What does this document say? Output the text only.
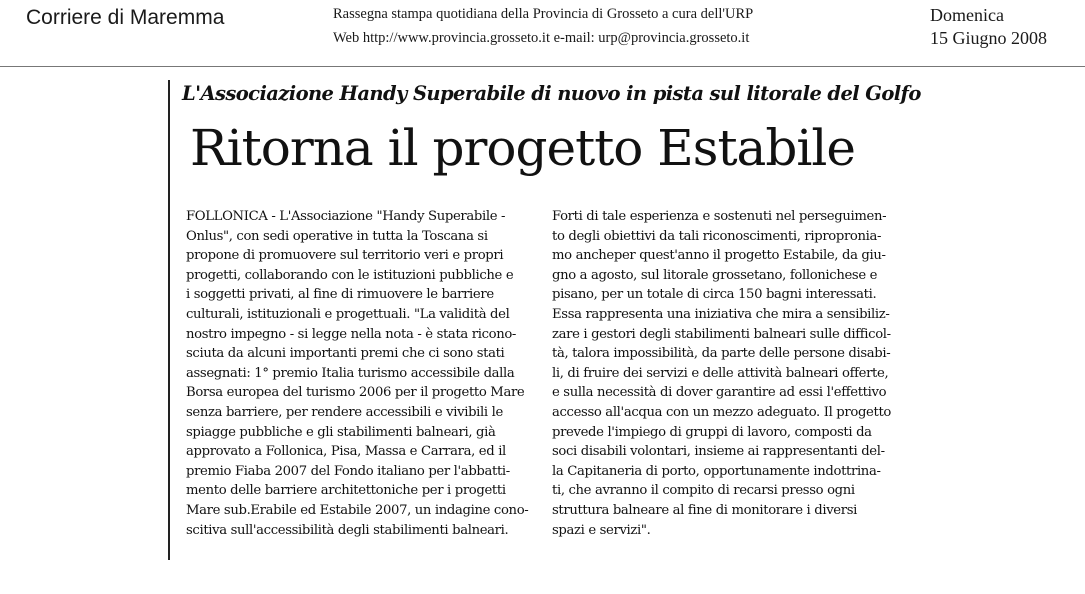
Corriere di Maremma	Rassegna stampa quotidiana della Provincia di Grosseto a cura dell'URP
Web http://www.provincia.grosseto.it e-mail: urp@provincia.grosseto.it
Domenica
15 Giugno 2008
L'Associazione Handy Superabile di nuovo in pista sul litorale del Golfo
Ritorna il progetto Estabile
FOLLONICA - L'Associazione "Handy Superabile -
Onlus", con sedi operative in tutta la Toscana si
propone di promuovere sul territorio veri e propri
progetti, collaborando con le istituzioni pubbliche e
i soggetti privati, al fine di rimuovere le barriere
culturali, istituzionali e progettuali. "La validità del
nostro impegno - si legge nella nota - è stata ricono-
sciuta da alcuni importanti premi che ci sono stati
assegnati: 1° premio Italia turismo accessibile dalla
Borsa europea del turismo 2006 per il progetto Mare
senza barriere, per rendere accessibili e vivibili le
spiagge pubbliche e gli stabilimenti balneari, già
approvato a Follonica, Pisa, Massa e Carrara, ed il
premio Fiaba 2007 del Fondo italiano per l'abbatti-
mento delle barriere architettoniche per i progetti
Mare sub.Erabile ed Estabile 2007, un indagine cono-
scitiva sull'accessibilità degli stabilimenti balneari.
Forti di tale esperienza e sostenuti nel perseguimen-
to degli obiettivi da tali riconoscimenti, ripropronia-
mo ancheper quest'anno il progetto Estabile, da giu-
gno a agosto, sul litorale grossetano, follonichese e
pisano, per un totale di circa 150 bagni interessati.
Essa rappresenta una iniziativa che mira a sensibiliz-
zare i gestori degli stabilimenti balneari sulle difficol-
tà, talora impossibilità, da parte delle persone disabi-
li, di fruire dei servizi e delle attività balneari offerte,
e sulla necessità di dover garantire ad essi l'effettivo
accesso all'acqua con un mezzo adeguato. Il progetto
prevede l'impiego di gruppi di lavoro, composti da
soci disabili volontari, insieme ai rappresentanti del-
la Capitaneria di porto, opportunamente indottrina-
ti, che avranno il compito di recarsi presso ogni
struttura balneare al fine di monitorare i diversi
spazi e servizi".
